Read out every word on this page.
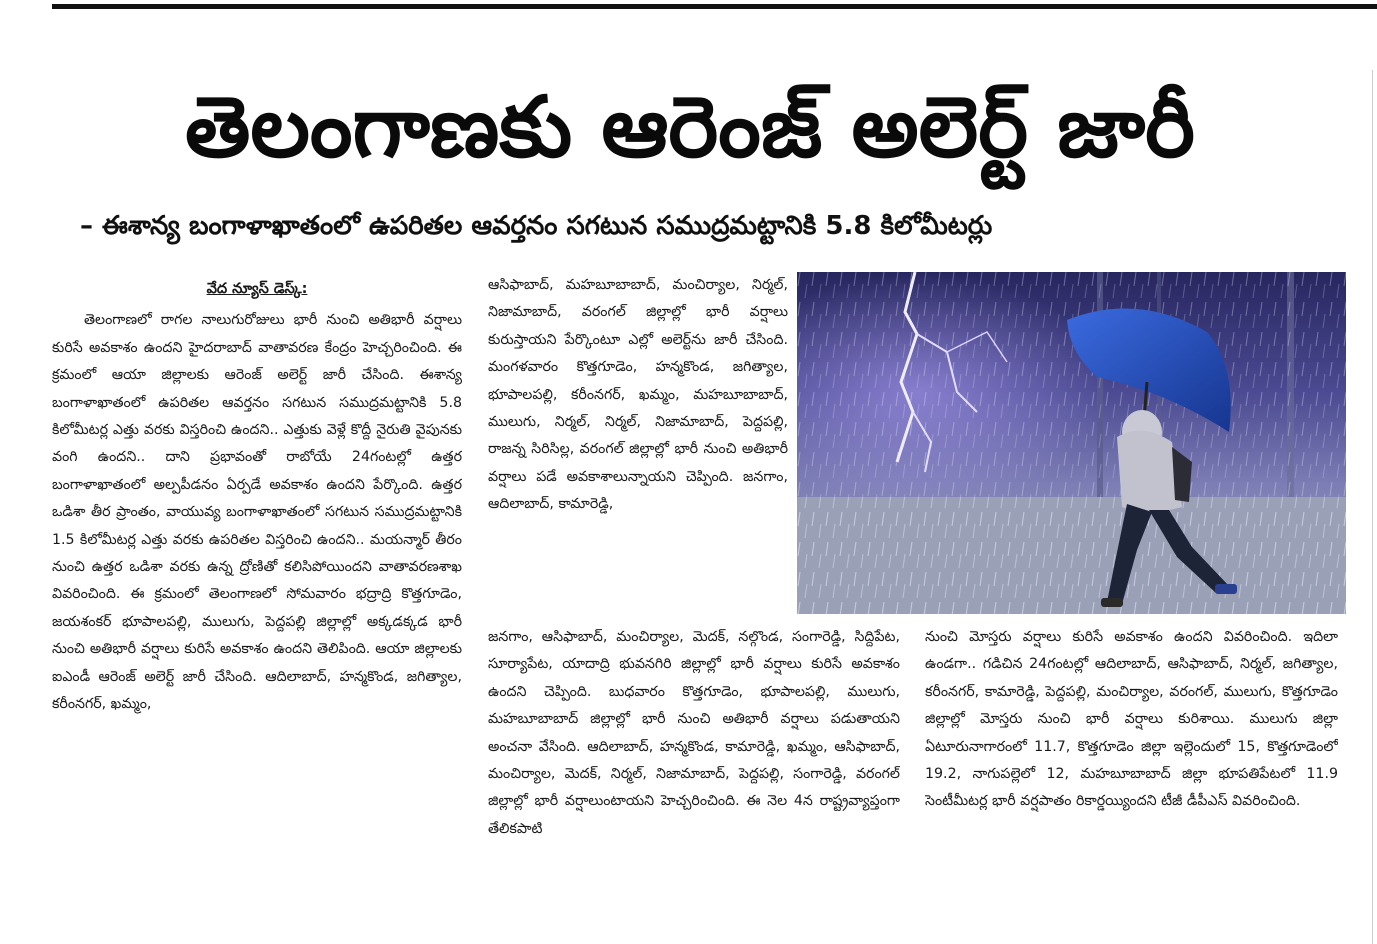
తెలంగాణకు ఆరెంజ్ అలెర్ట్ జారీ
– ఈశాన్య బంగాళాఖాతంలో ఉపరితల ఆవర్తనం సగటున సముద్రమట్టానికి 5.8 కిలోమీటర్లు
వేద న్యూస్ డెస్క్:

తెలంగాణలో రాగల నాలుగురోజులు భారీ నుంచి అతిభారీ వర్షాలు కురిసే అవకాశం ఉందని హైదరాబాద్ వాతావరణ కేంద్రం హెచ్చరించింది. ఈ క్రమంలో ఆయా జిల్లాలకు ఆరెంజ్ అలెర్ట్ జారీ చేసింది. ఈశాన్య బంగాళాఖాతంలో ఉపరితల ఆవర్తనం సగటున సముద్రమట్టానికి 5.8 కిలోమీటర్ల ఎత్తు వరకు విస్తరించి ఉందని.. ఎత్తుకు వెళ్లే కొద్దీ నైరుతి వైపునకు వంగి ఉందని.. దాని ప్రభావంతో రాబోయే 24గంటల్లో ఉత్తర బంగాళాఖాతంలో అల్పపీడనం ఏర్పడే అవకాశం ఉందని పేర్కొంది. ఉత్తర ఒడిశా తీర ప్రాంతం, వాయువ్య బంగాళాఖాతంలో సగటున సముద్రమట్టానికి 1.5 కిలోమీటర్ల ఎత్తు వరకు ఉపరితల విస్తరించి ఉందని.. మయన్మార్ తీరం నుంచి ఉత్తర ఒడిశా వరకు ఉన్న ద్రోణితో కలిసిపోయిందని వాతావరణశాఖ వివరించింది. ఈ క్రమంలో తెలంగాణలో సోమవారం భద్రాద్రి కొత్తగూడెం, జయశంకర్ భూపాలపల్లి, ములుగు, పెద్దపల్లి జిల్లాల్లో అక్కడక్కడ భారీ నుంచి అతిభారీ వర్షాలు కురిసే అవకాశం ఉందని తెలిపింది. ఆయా జిల్లాలకు ఐఎండీ ఆరెంజ్ అలెర్ట్ జారీ చేసింది. ఆదిలాబాద్, హన్మకొండ, జగిత్యాల, కరీంనగర్, ఖమ్మం,

ఆసిఫాబాద్, మహబూబాబాద్, మంచిర్యాల, నిర్మల్, నిజామాబాద్, వరంగల్ జిల్లాల్లో భారీ వర్షాలు కురుస్తాయని పేర్కొంటూ ఎల్లో అలెర్ట్‌ను జారీ చేసింది. మంగళవారం కొత్తగూడెం, హన్మకొండ, జగిత్యాల, భూపాలపల్లి, కరీంనగర్, ఖమ్మం, మహబూబాబాద్, ములుగు, నిర్మల్, నిర్మల్, నిజామాబాద్, పెద్దపల్లి, రాజన్న సిరిసిల్ల, వరంగల్ జిల్లాల్లో భారీ నుంచి అతిభారీ వర్షాలు పడే అవకాశాలున్నాయని చెప్పింది. జనగాం, ఆదిలాబాద్, కామారెడ్డి,

జనగాం, ఆసిఫాబాద్, మంచిర్యాల, మెదక్, నల్గొండ, సంగారెడ్డి, సిద్దిపేట, సూర్యాపేట, యాదాద్రి భువనగిరి జిల్లాల్లో భారీ వర్షాలు కురిసే అవకాశం ఉందని చెప్పింది. బుధవారం కొత్తగూడెం, భూపాలపల్లి, ములుగు, మహబూబాబాద్ జిల్లాల్లో భారీ నుంచి అతిభారీ వర్షాలు పడుతాయని అంచనా వేసింది. ఆదిలాబాద్, హన్మకొండ, కామారెడ్డి, ఖమ్మం, ఆసిఫాబాద్, మంచిర్యాల, మెదక్, నిర్మల్, నిజామాబాద్, పెద్దపల్లి, సంగారెడ్డి, వరంగల్ జిల్లాల్లో భారీ వర్షాలుంటాయని హెచ్చరించింది. ఈ నెల 4న రాష్ట్రవ్యాప్తంగా తేలికపాటి

నుంచి మోస్తరు వర్షాలు కురిసే అవకాశం ఉందని వివరించింది. ఇదిలా ఉండగా.. గడిచిన 24గంటల్లో ఆదిలాబాద్, ఆసిఫాబాద్, నిర్మల్, జగిత్యాల, కరీంనగర్, కామారెడ్డి, పెద్దపల్లి, మంచిర్యాల, వరంగల్, ములుగు, కొత్తగూడెం జిల్లాల్లో మోస్తరు నుంచి భారీ వర్షాలు కురిశాయి. ములుగు జిల్లా ఏటూరునాగారంలో 11.7, కొత్తగూడెం జిల్లా ఇల్లెందులో 15, కొత్తగూడెంలో 19.2, నాగుపల్లెలో 12, మహబూబాబాద్ జిల్లా భూపతిపేటలో 11.9 సెంటీమీటర్ల భారీ వర్షపాతం రికార్డయ్యిందని టీజీ డీపీఎస్ వివరించింది.
